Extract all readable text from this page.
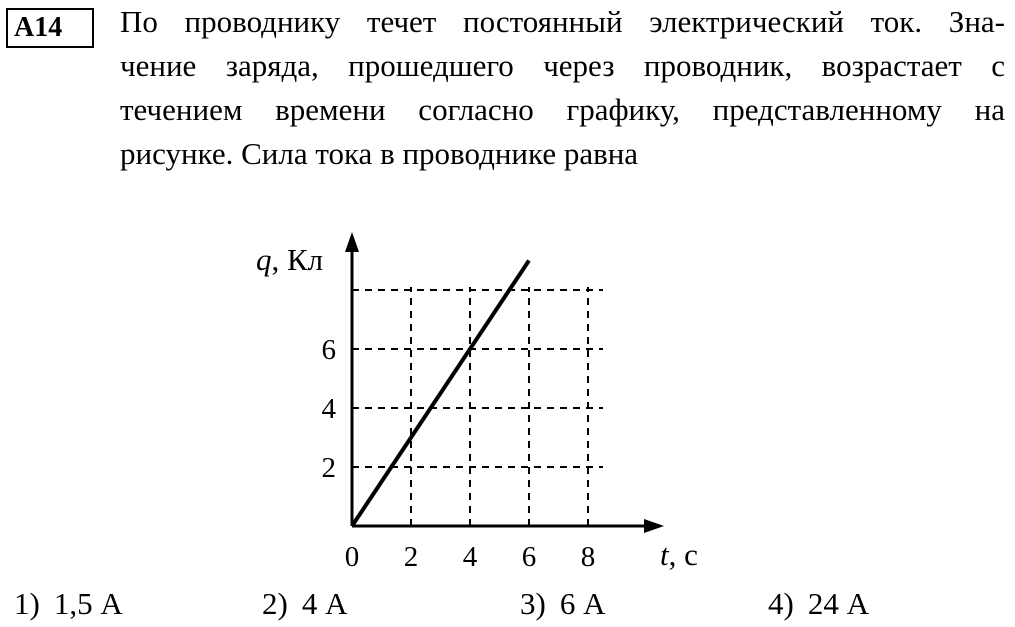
A14	По проводнику течет постоянный электрический ток. Зна-
чение заряда, прошедшего через проводник, возрастает с
течением времени согласно графику, представленному на
рисунке. Сила тока в проводнике равна
0 2 4 6 8
2
4
6
q, Кл
t, с
1) 1,5 А	2) 4 А	3) 6 А	4) 24 А
